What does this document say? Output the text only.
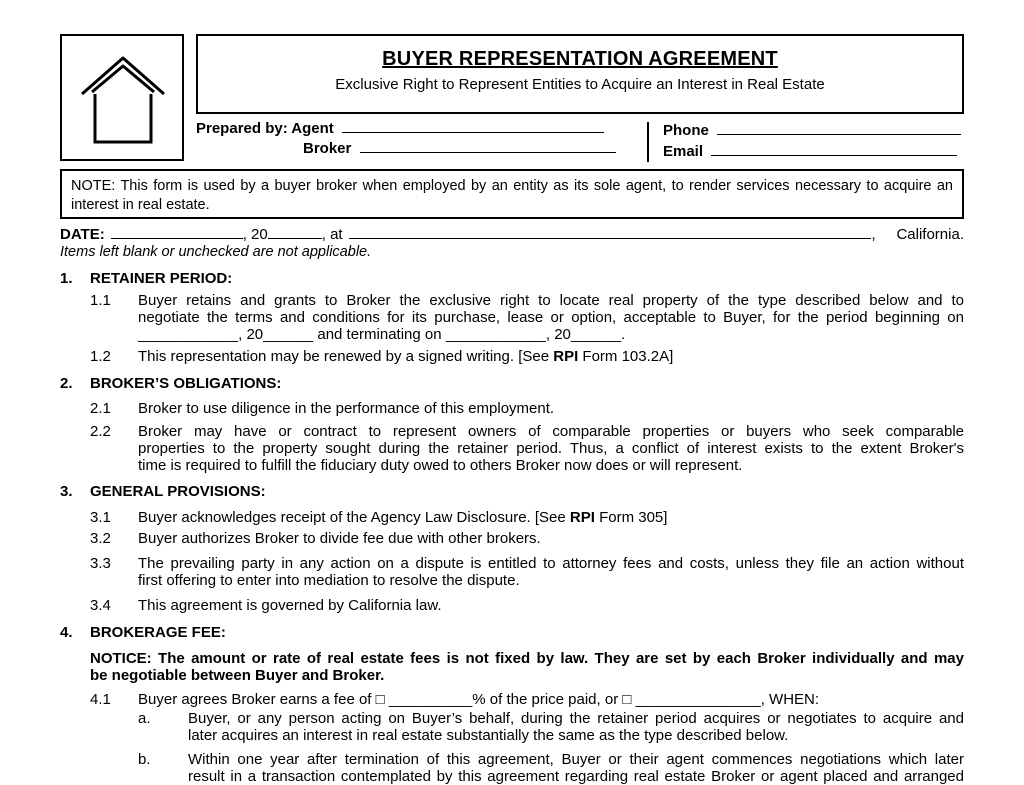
BUYER REPRESENTATION AGREEMENT
Exclusive Right to Represent Entities to Acquire an Interest in Real Estate
Prepared by: Agent
Broker
Phone
Email
NOTE: This form is used by a buyer broker when employed by an entity as its sole agent, to render services necessary to acquire an interest in real estate.
DATE:	, 20	, at	,     California.
Items left blank or unchecked are not applicable.
1. RETAINER PERIOD:
1.1 Buyer retains and grants to Broker the exclusive right to locate real property of the type described below and to
negotiate the terms and conditions for its purchase, lease or option, acceptable to Buyer, for the period beginning on
____________, 20______ and terminating on ____________, 20______.
1.2 This representation may be renewed by a signed writing. [See RPI Form 103.2A]
2. BROKER’S OBLIGATIONS:
2.1 Broker to use diligence in the performance of this employment.
2.2 Broker may have or contract to represent owners of comparable properties or buyers who seek comparable
properties to the property sought during the retainer period. Thus, a conflict of interest exists to the extent Broker's
time is required to fulfill the fiduciary duty owed to others Broker now does or will represent.
3. GENERAL PROVISIONS:
3.1 Buyer acknowledges receipt of the Agency Law Disclosure. [See RPI Form 305]
3.2 Buyer authorizes Broker to divide fee due with other brokers.
3.3 The prevailing party in any action on a dispute is entitled to attorney fees and costs, unless they file an action without
first offering to enter into mediation to resolve the dispute.
3.4 This agreement is governed by California law.
4. BROKERAGE FEE:
NOTICE: The amount or rate of real estate fees is not fixed by law. They are set by each Broker individually and may
be negotiable between Buyer and Broker.
4.1 Buyer agrees Broker earns a fee of □ __________% of the price paid, or □ _______________, WHEN:
a. Buyer, or any person acting on Buyer’s behalf, during the retainer period acquires or negotiates to acquire and
later acquires an interest in real estate substantially the same as the type described below.
b. Within one year after termination of this agreement, Buyer or their agent commences negotiations which later
result in a transaction contemplated by this agreement regarding real estate Broker or agent placed and arranged
